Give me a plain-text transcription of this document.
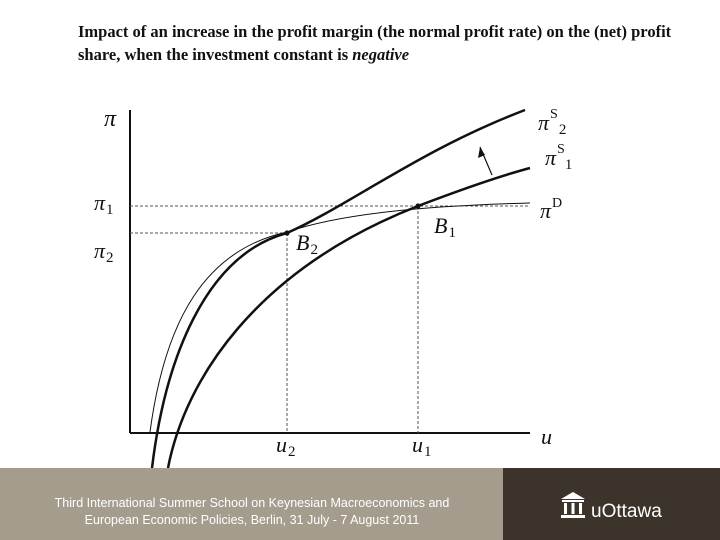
Impact of an increase in the profit margin (the normal profit rate) on the (net) profit share, when the investment constant is negative
π
u
π1
π2
u2	u1
B1
B2
$\pi^S_2$
$\pi^S_1$
$\pi^D$
Third International Summer School on Keynesian Macroeconomics and
European Economic Policies, Berlin, 31 July - 7 August 2011	uOttawa
